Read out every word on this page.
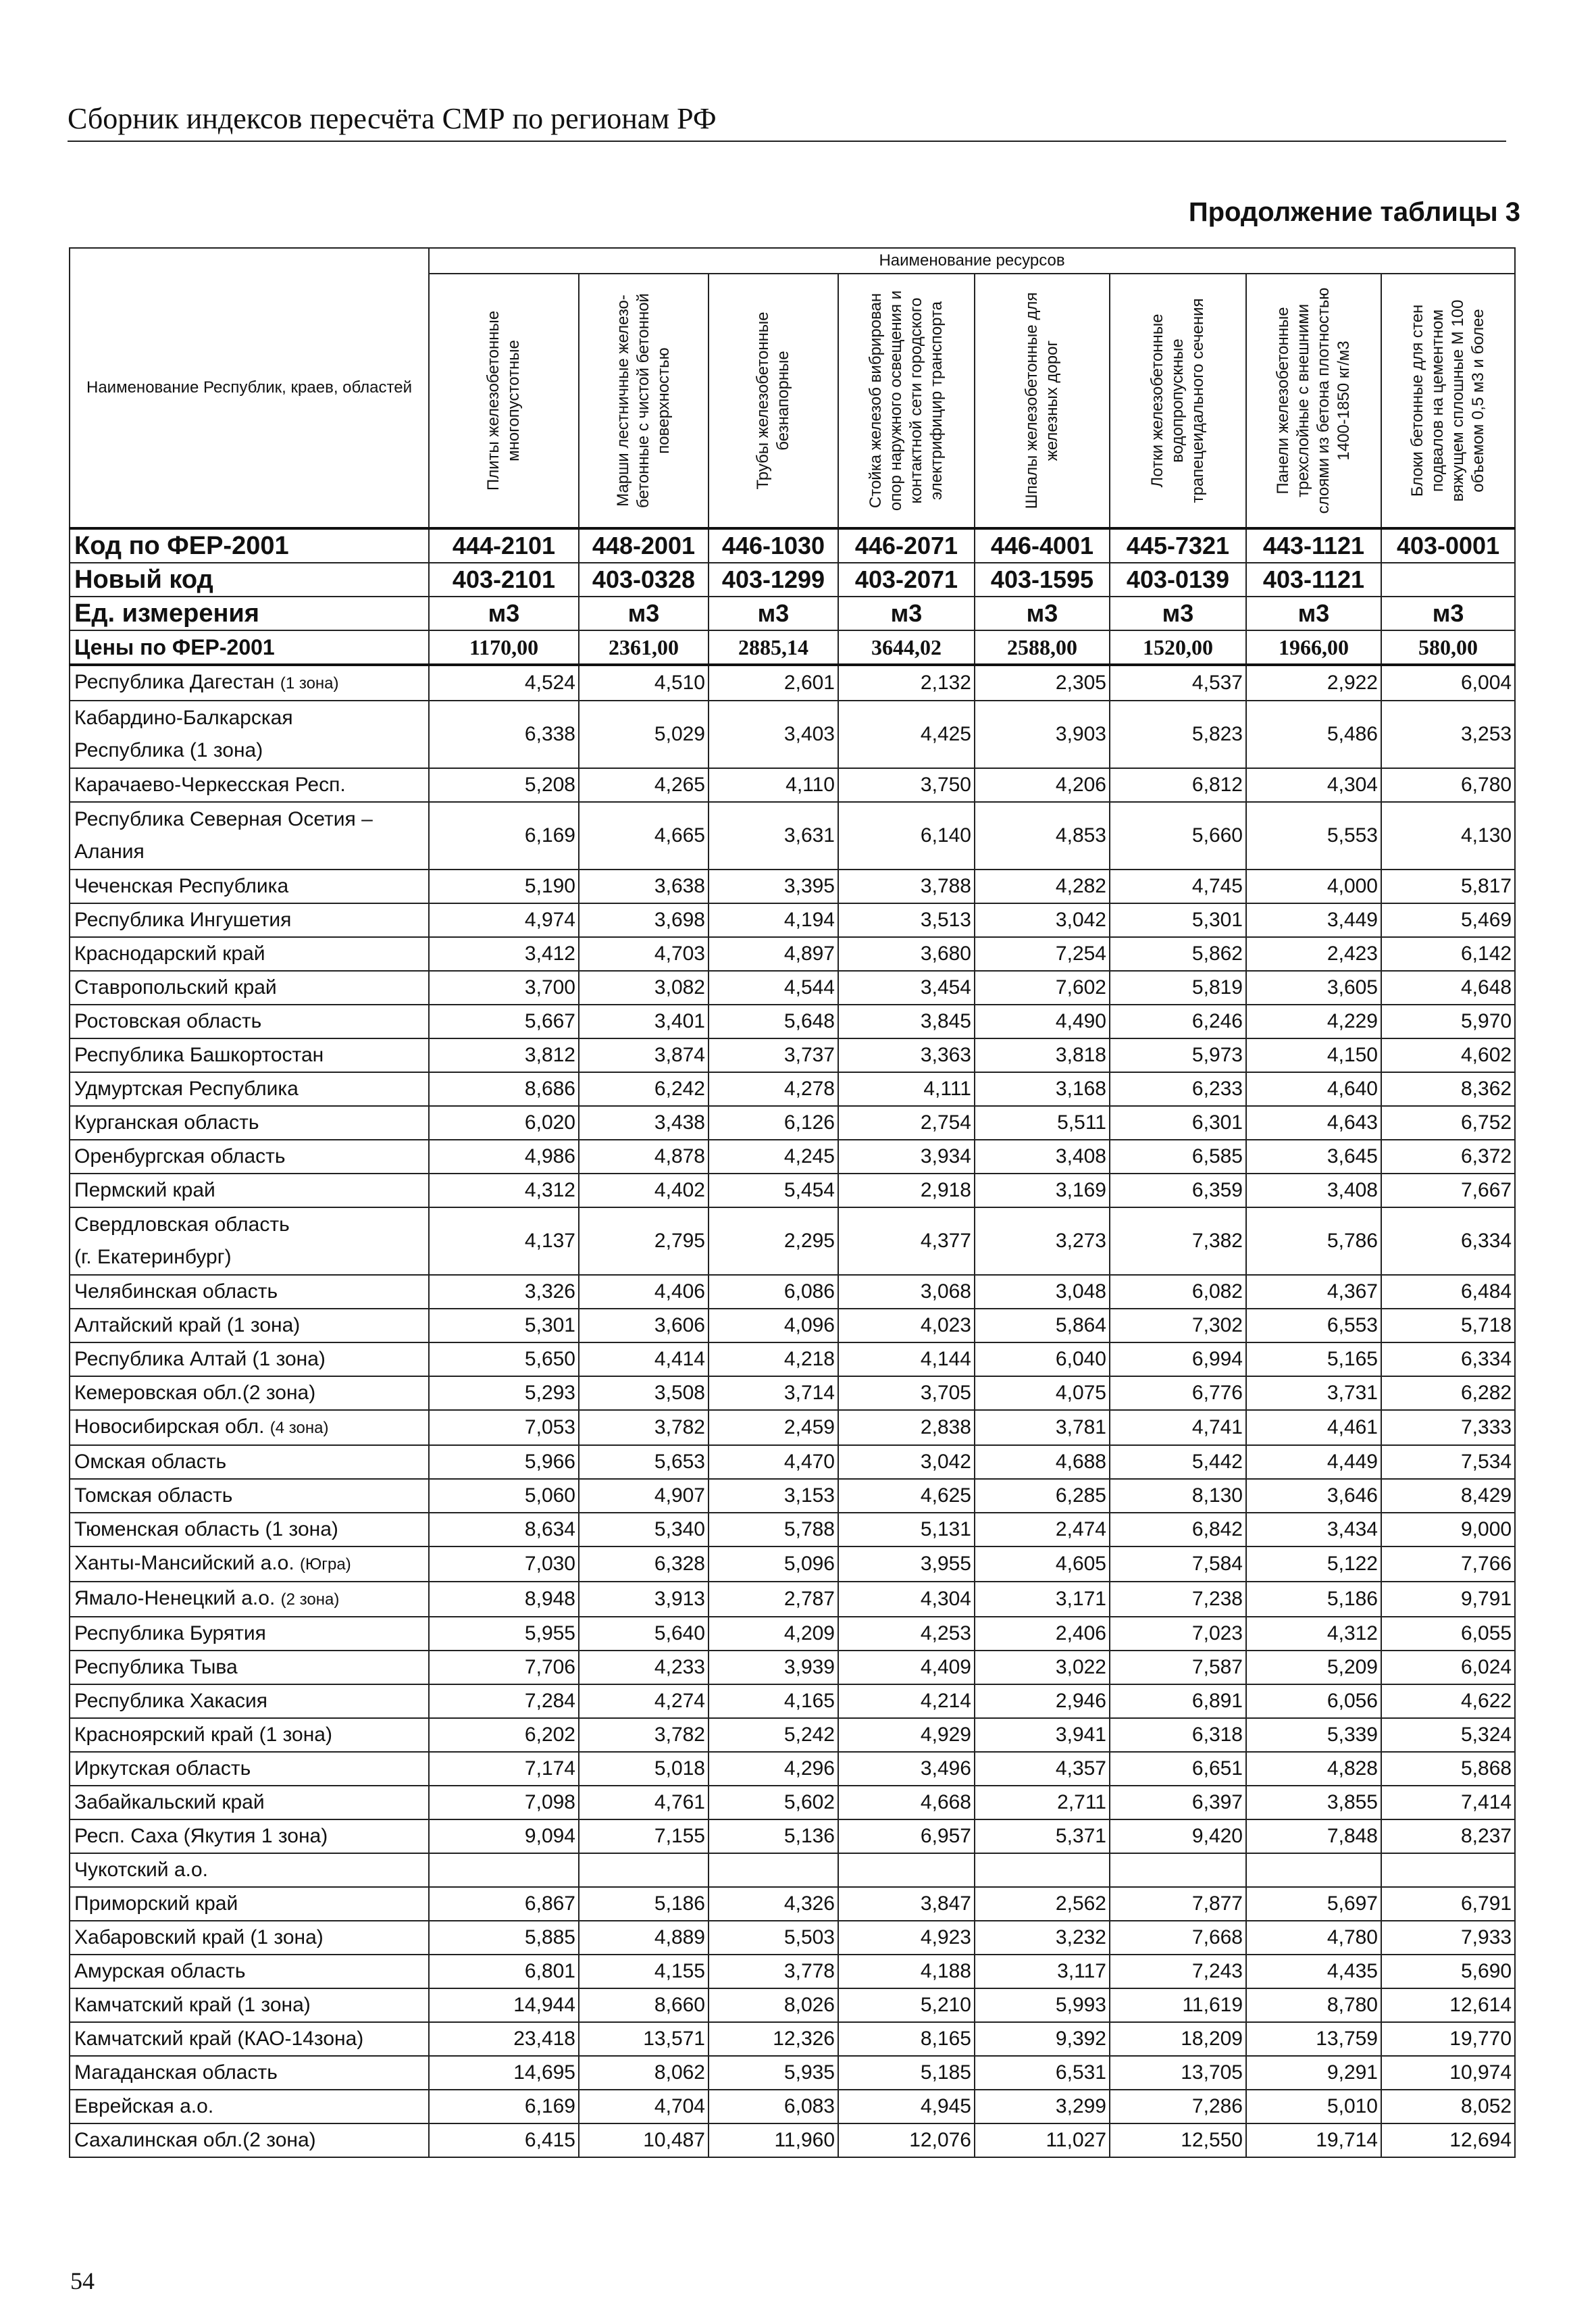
Сборник индексов пересчёта СМР по регионам РФ
Продолжение таблицы 3
Наименование Республик, краев, областей	Наименование ресурсов							

	Плиты железобетонные многопустотные	Марши лестничные железо-бетонные с чистой бетонной поверхностью	Трубы железобетонные безнапорные	Стойка железоб вибрирован опор наружного освещения и контактной сети городского электрифицир транспорта	Шпалы железобетонные для железных дорог	Лотки железобетонные водопропускные трапецеидального сечения	Панели железобетонные трехслойные с внешними слоями из бетона плотностью 1400-1850 кг/м3	Блоки бетонные для стен подвалов на цементном вяжущем сплошные М 100 объемом 0,5 м3 и более

Код по ФЕР-2001	444-2101	448-2001	446-1030	446-2071	446-4001	445-7321	443-1121	403-0001
Новый код	403-2101	403-0328	403-1299	403-2071	403-1595	403-0139	403-1121	
Ед. измерения	м3	м3	м3	м3	м3	м3	м3	м3
Цены по ФЕР-2001	1170,00	2361,00	2885,14	3644,02	2588,00	1520,00	1966,00	580,00
Республика Дагестан (1 зона)	4,524	4,510	2,601	2,132	2,305	4,537	2,922	6,004
Кабардино-Балкарская
Республика (1 зона)	6,338	5,029	3,403	4,425	3,903	5,823	5,486	3,253
Карачаево-Черкесская Респ.	5,208	4,265	4,110	3,750	4,206	6,812	4,304	6,780
Республика Северная Осетия –
Алания	6,169	4,665	3,631	6,140	4,853	5,660	5,553	4,130
Чеченская Республика	5,190	3,638	3,395	3,788	4,282	4,745	4,000	5,817
Республика Ингушетия	4,974	3,698	4,194	3,513	3,042	5,301	3,449	5,469
Краснодарский край	3,412	4,703	4,897	3,680	7,254	5,862	2,423	6,142
Ставропольский край	3,700	3,082	4,544	3,454	7,602	5,819	3,605	4,648
Ростовская область	5,667	3,401	5,648	3,845	4,490	6,246	4,229	5,970
Республика Башкортостан	3,812	3,874	3,737	3,363	3,818	5,973	4,150	4,602
Удмуртская Республика	8,686	6,242	4,278	4,111	3,168	6,233	4,640	8,362
Курганская область	6,020	3,438	6,126	2,754	5,511	6,301	4,643	6,752
Оренбургская область	4,986	4,878	4,245	3,934	3,408	6,585	3,645	6,372
Пермский край	4,312	4,402	5,454	2,918	3,169	6,359	3,408	7,667
Свердловская область
(г. Екатеринбург)	4,137	2,795	2,295	4,377	3,273	7,382	5,786	6,334
Челябинская область	3,326	4,406	6,086	3,068	3,048	6,082	4,367	6,484
Алтайский край (1 зона)	5,301	3,606	4,096	4,023	5,864	7,302	6,553	5,718
Республика Алтай (1 зона)	5,650	4,414	4,218	4,144	6,040	6,994	5,165	6,334
Кемеровская обл.(2 зона)	5,293	3,508	3,714	3,705	4,075	6,776	3,731	6,282
Новосибирская обл. (4 зона)	7,053	3,782	2,459	2,838	3,781	4,741	4,461	7,333
Омская область	5,966	5,653	4,470	3,042	4,688	5,442	4,449	7,534
Томская область	5,060	4,907	3,153	4,625	6,285	8,130	3,646	8,429
Тюменская область (1 зона)	8,634	5,340	5,788	5,131	2,474	6,842	3,434	9,000
Ханты-Мансийский а.о. (Югра)	7,030	6,328	5,096	3,955	4,605	7,584	5,122	7,766
Ямало-Ненецкий а.о. (2 зона)	8,948	3,913	2,787	4,304	3,171	7,238	5,186	9,791
Республика Бурятия	5,955	5,640	4,209	4,253	2,406	7,023	4,312	6,055
Республика Тыва	7,706	4,233	3,939	4,409	3,022	7,587	5,209	6,024
Республика Хакасия	7,284	4,274	4,165	4,214	2,946	6,891	6,056	4,622
Красноярский край (1 зона)	6,202	3,782	5,242	4,929	3,941	6,318	5,339	5,324
Иркутская область	7,174	5,018	4,296	3,496	4,357	6,651	4,828	5,868
Забайкальский край	7,098	4,761	5,602	4,668	2,711	6,397	3,855	7,414
Респ. Саха (Якутия 1 зона)	9,094	7,155	5,136	6,957	5,371	9,420	7,848	8,237
Чукотский а.о.								
Приморский край	6,867	5,186	4,326	3,847	2,562	7,877	5,697	6,791
Хабаровский край (1 зона)	5,885	4,889	5,503	4,923	3,232	7,668	4,780	7,933
Амурская область	6,801	4,155	3,778	4,188	3,117	7,243	4,435	5,690
Камчатский край (1 зона)	14,944	8,660	8,026	5,210	5,993	11,619	8,780	12,614
Камчатский край (КАО-14зона)	23,418	13,571	12,326	8,165	9,392	18,209	13,759	19,770
Магаданская область	14,695	8,062	5,935	5,185	6,531	13,705	9,291	10,974
Еврейская а.о.	6,169	4,704	6,083	4,945	3,299	7,286	5,010	8,052
Сахалинская обл.(2 зона)	6,415	10,487	11,960	12,076	11,027	12,550	19,714	12,694
54
